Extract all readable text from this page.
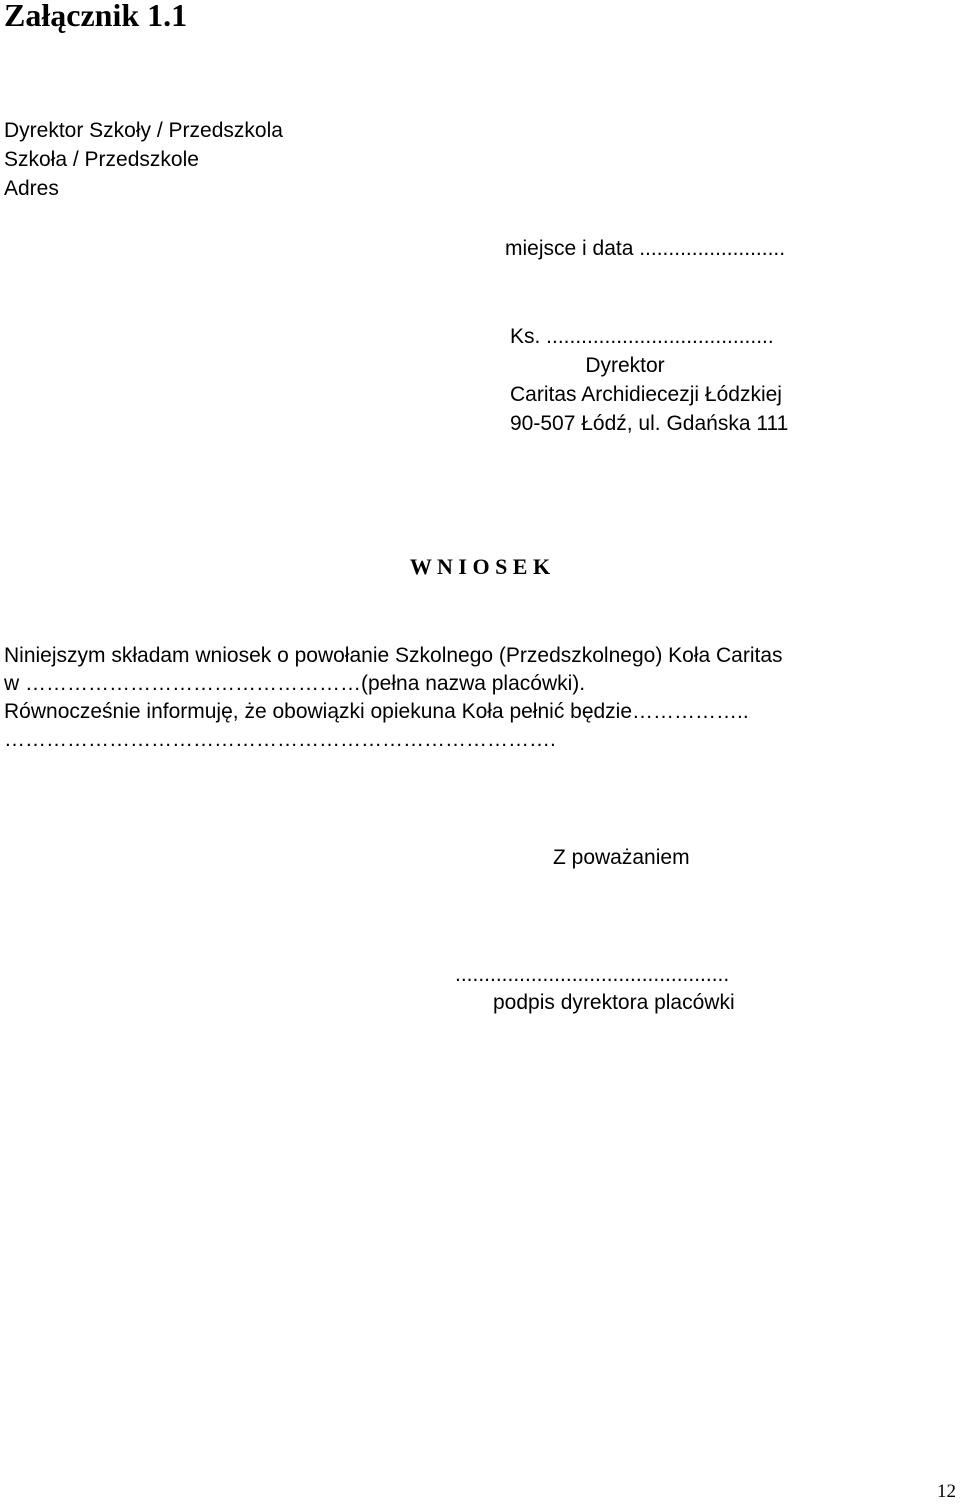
Załącznik 1.1
Dyrektor Szkoły / Przedszkola
Szkoła / Przedszkole
Adres
miejsce i data .........................
Ks. .......................................
Dyrektor
Caritas Archidiecezji Łódzkiej
90-507 Łódź, ul. Gdańska 111
W N I O S E K
Niniejszym składam wniosek o powołanie Szkolnego (Przedszkolnego) Koła Caritas
w …………………………………………(pełna nazwa placówki).
Równocześnie informuję, że obowiązki opiekuna Koła pełnić będzie……………..
…………………………………………………………………….
Z poważaniem
...............................................
podpis dyrektora placówki
12
